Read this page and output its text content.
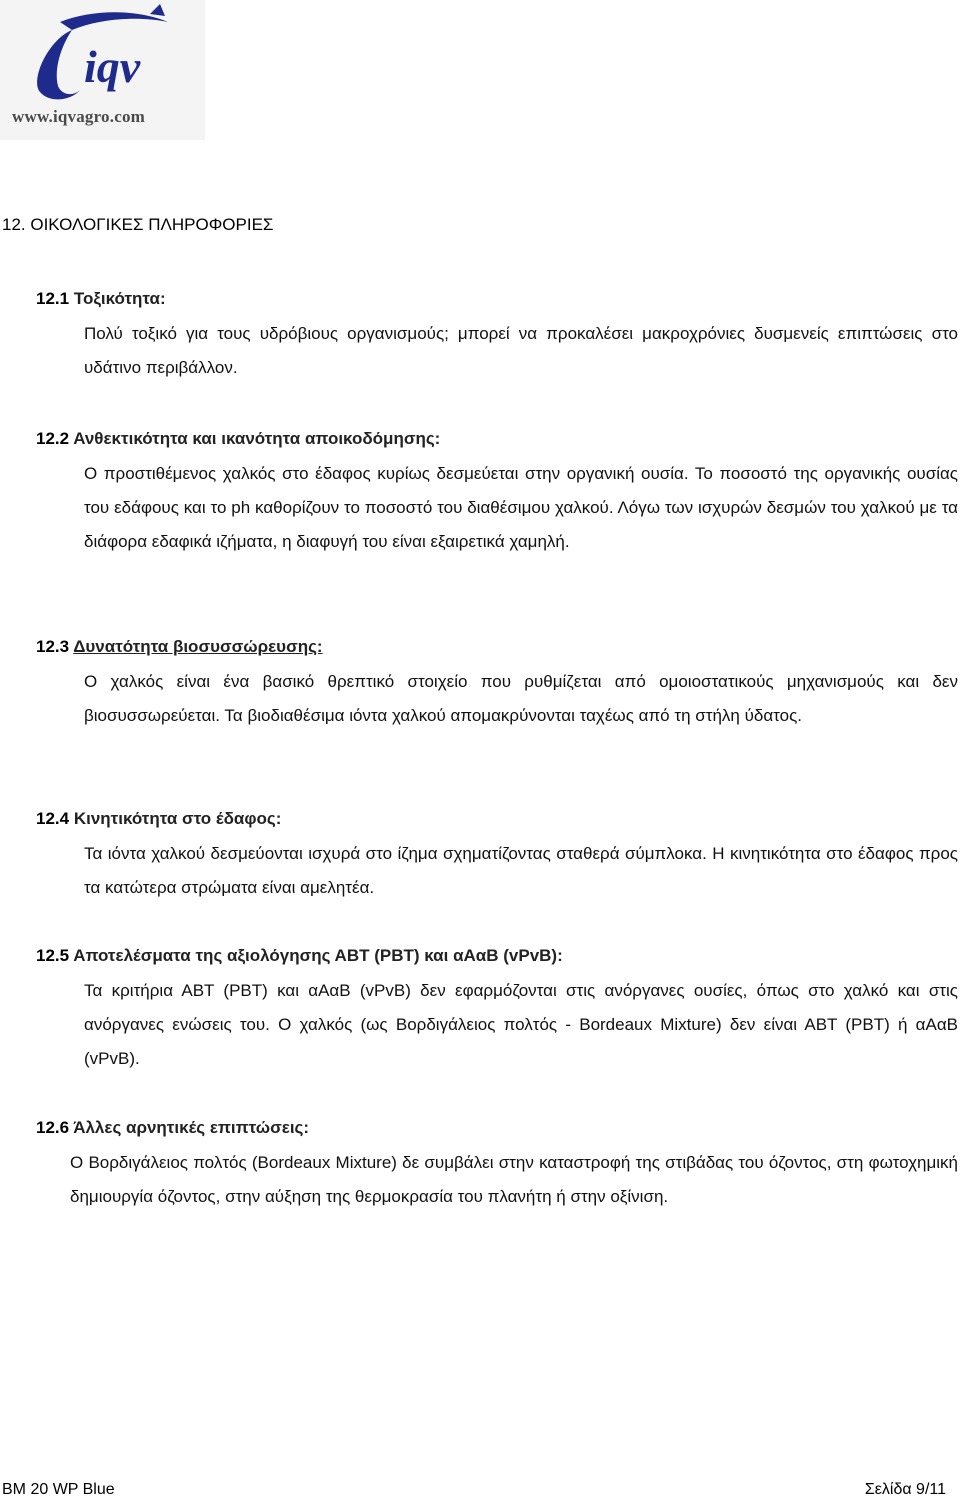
iqv
www.iqvagro.com
12. ΟΙΚΟΛΟΓΙΚΕΣ ΠΛΗΡΟΦΟΡΙΕΣ
12.1 Τοξικότητα:
Πολύ τοξικό για τους υδρόβιους οργανισμούς; μπορεί να προκαλέσει μακροχρόνιες δυσμενείς επιπτώσεις στο υδάτινο περιβάλλον.
12.2 Ανθεκτικότητα και ικανότητα αποικοδόμησης:
Ο προστιθέμενος χαλκός στο έδαφος κυρίως δεσμεύεται στην οργανική ουσία. Το ποσοστό της οργανικής ουσίας του εδάφους και το ph καθορίζουν το ποσοστό του διαθέσιμου χαλκού. Λόγω των ισχυρών δεσμών του χαλκού με τα διάφορα εδαφικά ιζήματα, η διαφυγή του είναι εξαιρετικά χαμηλή.
12.3 Δυνατότητα βιοσυσσώρευσης:
Ο χαλκός είναι ένα βασικό θρεπτικό στοιχείο που ρυθμίζεται από ομοιοστατικούς μηχανισμούς και δεν βιοσυσσωρεύεται. Τα βιοδιαθέσιμα ιόντα χαλκού απομακρύνονται ταχέως από τη στήλη ύδατος.
12.4 Κινητικότητα στο έδαφος:
Τα ιόντα χαλκού δεσμεύονται ισχυρά στο ίζημα σχηματίζοντας σταθερά σύμπλοκα. Η κινητικότητα στο έδαφος προς τα κατώτερα στρώματα είναι αμελητέα.
12.5 Αποτελέσματα της αξιολόγησης ΑΒΤ (PBT) και αΑαΒ (vPvB):
Τα κριτήρια ΑΒΤ (PBT) και αΑαΒ (vPvB) δεν εφαρμόζονται στις ανόργανες ουσίες, όπως στο χαλκό και στις ανόργανες ενώσεις του. Ο χαλκός (ως Βορδιγάλειος πολτός - Bordeaux Mixture) δεν είναι ΑΒΤ (PBT) ή αΑαΒ (vPvB).
12.6 Άλλες αρνητικές επιπτώσεις:
Ο Βορδιγάλειος πολτός (Bordeaux Mixture) δε συμβάλει στην καταστροφή της στιβάδας του όζοντος, στη φωτοχημική δημιουργία όζοντος, στην αύξηση της θερμοκρασία του πλανήτη ή στην οξίνιση.
BM 20 WP Blue	Σελίδα 9/11
